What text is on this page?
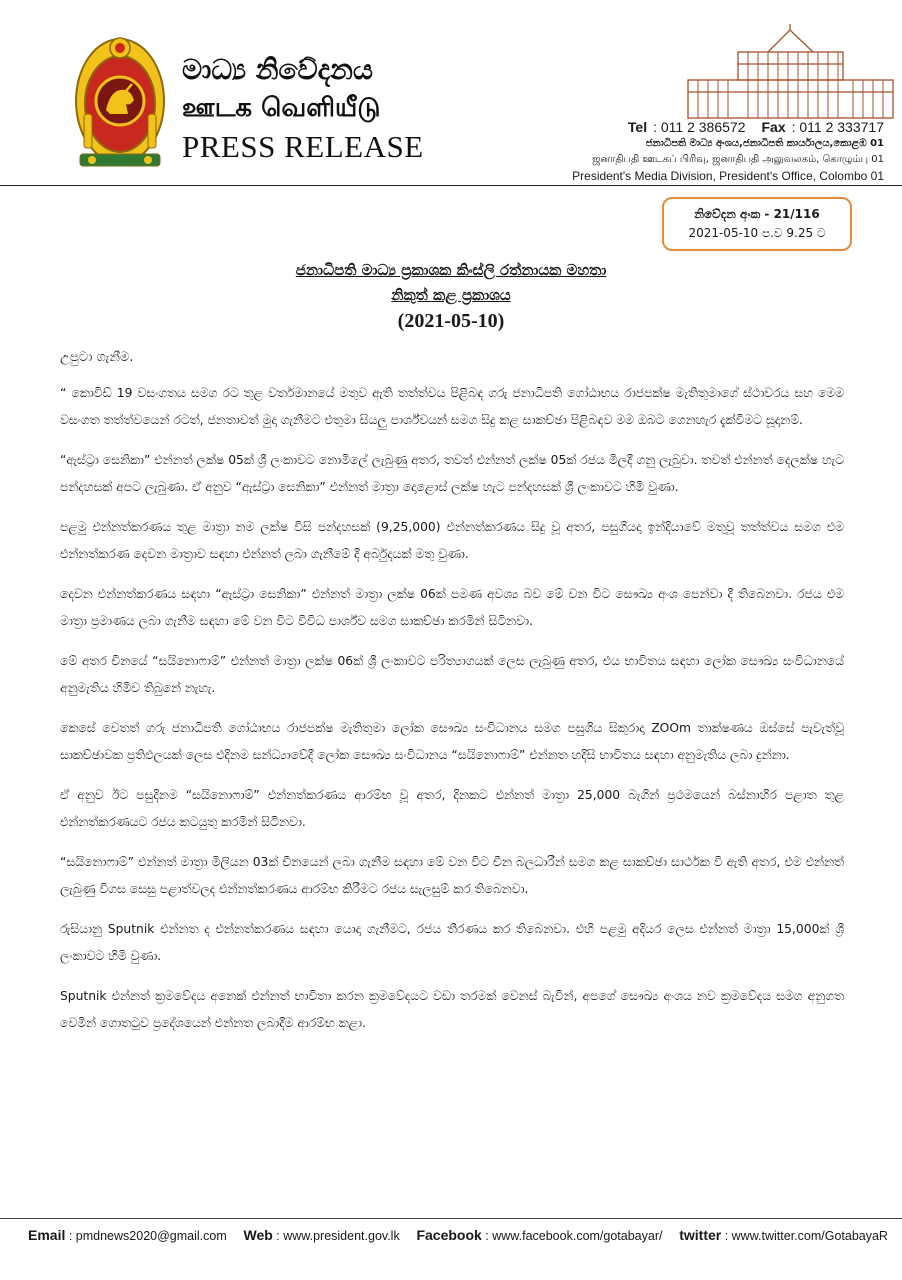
මාධ්‍ය නිවේදනය
ஊடக வெளியீடு
PRESS RELEASE
Tel : 011 2 386572 Fax : 011 2 333717
ජනාධිපති මාධ්‍ය අංශය,ජනාධිපති කාර්යාලය,කොළඹ 01
ஜனாதிபதி ஊடகப் பிரிவு, ஜனாதிபதி அலுவலகம், கொழும்பு 01
President's Media Division, President's Office, Colombo 01
නිවේදන අංක - 21/116
2021-05-10 ප.ව 9.25 ට
ජනාධිපති මාධ්‍ය ප්‍රකාශක කිංස්ලි රත්නායක මහතා
නිකුත් කළ ප්‍රකාශය
(2021-05-10)
උපුටා ගැනීම.

“ කොවිඩ් 19 වසංගතය සමග රට තුළ වර්තමානයේ මතුව ඇති තත්ත්වය පිළිබඳ ගරු ජනාධිපති ගෝඨාභය රාජපක්ෂ මැතිතුමාගේ ස්ථාවරය සහ මෙම වසංගත තත්ත්වයෙන් රටත්, ජනතාවත් මුදා ගැනීමට එතුමා සියලු පාර්ශ්වයන් සමග සිදු කළ සාකච්ඡා පිළිබඳව මම ඔබට ගෙනහැර දැක්වීමට සූදානම්.

“ඇස්ට්‍රා සෙනිකා” එන්නත් ලක්ෂ 05ක් ශ්‍රී ලංකාවට නොමිලේ ලැබුණු අතර, තවත් එන්නත් ලක්ෂ 05ක් රජය මිලදී ගනු ලැබුවා. තවත් එන්නත් දෙලක්ෂ හැට පන්දහසක් අපට ලැබුණා. ඒ අනුව “ඇස්ට්‍රා සෙනිකා” එන්නත් මාත්‍රා දොළොස් ලක්ෂ හැට පන්දහසක් ශ්‍රී ලංකාවට හිමි වුණා.

පළමු එන්නත්කරණය තුළ මාත්‍රා නම ලක්ෂ විසි පන්දහසක් (9,25,000) එන්නත්කරණය සිදු වූ අතර, පසුගියදා ඉන්දියාවේ මතුවූ තත්ත්වය සමග එම එන්නත්කරණ දෙවන මාත්‍රාව සඳහා එන්නත් ලබා ගැනීමේ දී අර්බුදයක් මතු වුණා.

දෙවන එන්නත්කරණය සඳහා “ඇස්ට්‍රා සෙනිකා” එන්නත් මාත්‍රා ලක්ෂ 06ක් පමණ අවශ්‍ය බව මේ වන විට සෞඛ්‍ය අංශ පෙන්වා දී තිබෙනවා. රජය එම මාත්‍රා ප්‍රමාණය ලබා ගැනීම සඳහා මේ වන විට විවිධ පාර්ශ්ව සමග සාකච්ඡා කරමින් සිටිනවා.

මේ අතර චීනයේ “සයිනොෆාම්” එන්නත් මාත්‍රා ලක්ෂ 06ක් ශ්‍රී ලංකාවට පරිත්‍යාගයක් ලෙස ලැබුණු අතර, එය භාවිතය සඳහා ලෝක සෞඛ්‍ය සංවිධානයේ අනුමැතිය හිමිව තිබුනේ නැහැ.

කෙසේ වෙතත් ගරු ජනාධිපති ගෝඨාභය රාජපක්ෂ මැතිතුමා ලෝක සෞඛ්‍ය සංවිධානය සමග පසුගිය සිකුරාදා ZOOm තාක්ෂණය ඔස්සේ පැවැත්වූ සාකච්ඡාවක ප්‍රතිඵලයක් ලෙස එදිනම සන්ධ්‍යාවේදී ලෝක සෞඛ්‍ය සංවිධානය “සයිනොෆාම්” එන්නත හදිසි භාවිතය සඳහා අනුමැතිය ලබා දුන්නා.

ඒ අනුව ඊට පසුදිනම “සයිනොෆාම්” එන්නත්කරණය ආරම්භ වූ අතර, දිනකට එන්නත් මාත්‍රා 25,000 බැගින් ප්‍රථමයෙන් බස්නාහිර පළාත තුළ එන්නත්කරණයට රජය කටයුතු කරමින් සිටිනවා.

“සයිනොෆාම්” එන්නත් මාත්‍රා මිලියන 03ක් චීනයෙන් ලබා ගැනීම සඳහා මේ වන විට චීන බලධාරීන් සමග කළ සාකච්ඡා සාර්ථක වී ඇති අතර, එම එන්නත් ලැබුණු විගස සෙසු පළාත්වලද එන්නත්කරණය ආරම්භ කිරීමට රජය සැලසුම් කර තිබෙනවා.

රුසියානු Sputnik එන්නත ද එන්නත්කරණය සඳහා යොදා ගැනීමට, රජය තීරණය කර තිබෙනවා. එහි පළමු අදියර ලෙස එන්නත් මාත්‍රා 15,000ක් ශ්‍රී ලංකාවට හිමි වුණා.

Sputnik එන්නත් ක්‍රමවේදය අනෙක් එන්නත් භාවිතා කරන ක්‍රමවේදයට වඩා තරමක් වෙනස් බැවින්, අපගේ සෞඛ්‍ය අංශය නව ක්‍රමවේදය සමග අනුගත වෙමින් ගොතටුව ප්‍රදේශයෙන් එන්නත ලබාදීම ආරම්භ කළා.

Email : pmdnews2020@gmail.com Web : www.president.gov.lk Facebook : www.facebook.com/gotabayar/ twitter : www.twitter.com/GotabayaR
